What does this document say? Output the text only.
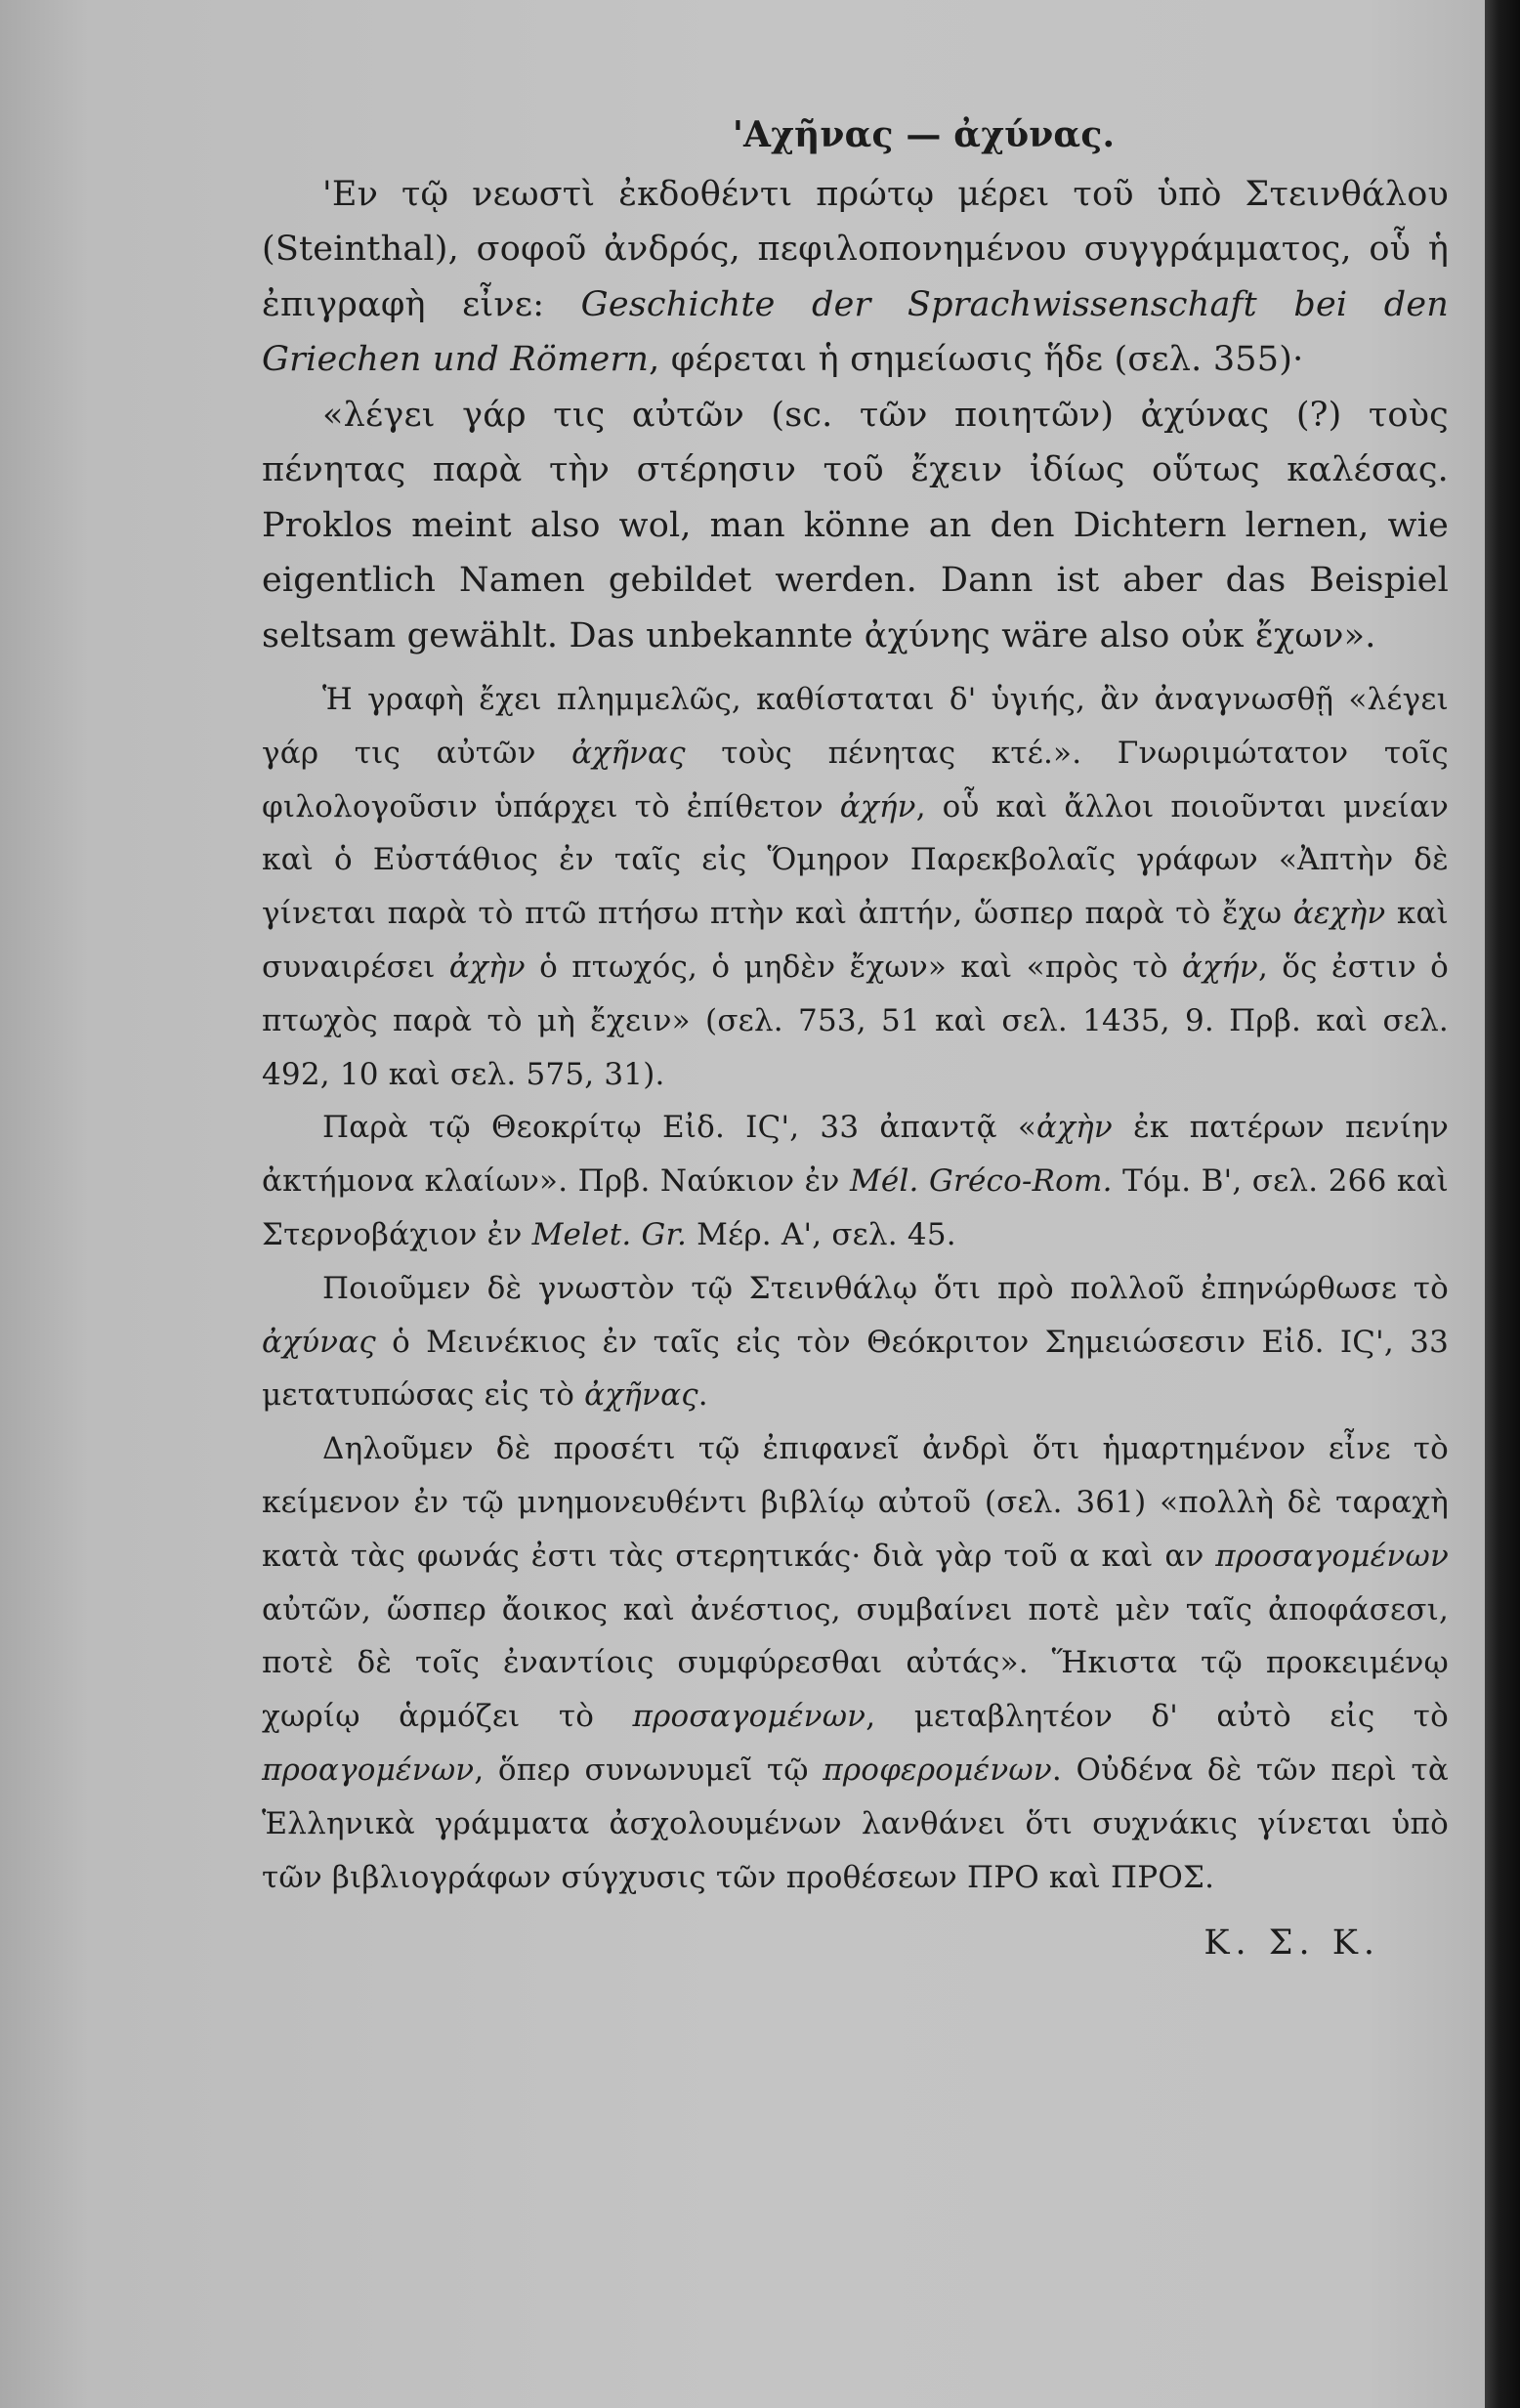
'Αχῆνας — ἀχύνας.

'Εν τῷ νεωστὶ ἐκδοθέντι πρώτῳ μέρει τοῦ ὑπὸ Στεινθάλου (Steinthal), σοφοῦ ἀνδρός, πεφιλοπονημένου συγγράμματος, οὗ ἡ ἐπιγραφὴ εἶνε: Geschichte der Sprachwissenschaft bei den Griechen und Römern, φέρεται ἡ σημείωσις ἥδε (σελ. 355)·

«λέγει γάρ τις αὐτῶν (sc. τῶν ποιητῶν) ἀχύνας (?) τοὺς πένητας παρὰ τὴν στέρησιν τοῦ ἔχειν ἰδίως οὕτως καλέσας. Proklos meint also wol, man könne an den Dichtern lernen, wie eigentlich Namen gebildet werden. Dann ist aber das Beispiel seltsam gewählt. Das unbekannte ἀχύνης wäre also οὐκ ἔχων».

Ἡ γραφὴ ἔχει πλημμελῶς, καθίσταται δ' ὑγιής, ἂν ἀναγνωσθῇ «λέγει γάρ τις αὐτῶν ἀχῆνας τοὺς πένητας κτέ.». Γνωριμώτατον τοῖς φιλολογοῦσιν ὑπάρχει τὸ ἐπίθετον ἀχήν, οὗ καὶ ἄλλοι ποιοῦνται μνείαν καὶ ὁ Εὐστάθιος ἐν ταῖς εἰς Ὅμηρον Παρεκβολαῖς γράφων «Ἀπτὴν δὲ γίνεται παρὰ τὸ πτῶ πτήσω πτὴν καὶ ἀπτήν, ὥσπερ παρὰ τὸ ἔχω ἀεχὴν καὶ συναιρέσει ἀχὴν ὁ πτωχός, ὁ μηδὲν ἔχων» καὶ «πρὸς τὸ ἀχήν, ὅς ἐστιν ὁ πτωχὸς παρὰ τὸ μὴ ἔχειν» (σελ. 753, 51 καὶ σελ. 1435, 9. Πρβ. καὶ σελ. 492, 10 καὶ σελ. 575, 31).

Παρὰ τῷ Θεοκρίτῳ Εἰδ. ΙϚ', 33 ἀπαντᾷ «ἀχὴν ἐκ πατέρων πενίην ἀκτήμονα κλαίων». Πρβ. Ναύκιον ἐν Mél. Gréco-Rom. Τόμ. Β', σελ. 266 καὶ Στερνοβάχιον ἐν Melet. Gr. Μέρ. Α', σελ. 45.

Ποιοῦμεν δὲ γνωστὸν τῷ Στεινθάλῳ ὅτι πρὸ πολλοῦ ἐπηνώρθωσε τὸ ἀχύνας ὁ Μεινέκιος ἐν ταῖς εἰς τὸν Θεόκριτον Σημειώσεσιν Εἰδ. ΙϚ', 33 μετατυπώσας εἰς τὸ ἀχῆνας.

Δηλοῦμεν δὲ προσέτι τῷ ἐπιφανεῖ ἀνδρὶ ὅτι ἡμαρτημένον εἶνε τὸ κείμενον ἐν τῷ μνημονευθέντι βιβλίῳ αὐτοῦ (σελ. 361) «πολλὴ δὲ ταραχὴ κατὰ τὰς φωνάς ἐστι τὰς στερητικάς· διὰ γὰρ τοῦ α καὶ αν προσαγομένων αὐτῶν, ὥσπερ ἄοικος καὶ ἀνέστιος, συμβαίνει ποτὲ μὲν ταῖς ἀποφάσεσι, ποτὲ δὲ τοῖς ἐναντίοις συμφύρεσθαι αὐτάς». Ἥκιστα τῷ προκειμένῳ χωρίῳ ἁρμόζει τὸ προσαγομένων, μεταβλητέον δ' αὐτὸ εἰς τὸ προαγομένων, ὅπερ συνωνυμεῖ τῷ προφερομένων. Οὐδένα δὲ τῶν περὶ τὰ Ἑλληνικὰ γράμματα ἀσχολουμένων λανθάνει ὅτι συχνάκις γίνεται ὑπὸ τῶν βιβλιογράφων σύγχυσις τῶν προθέσεων ΠΡΟ καὶ ΠΡΟΣ.

Κ. Σ. Κ.
